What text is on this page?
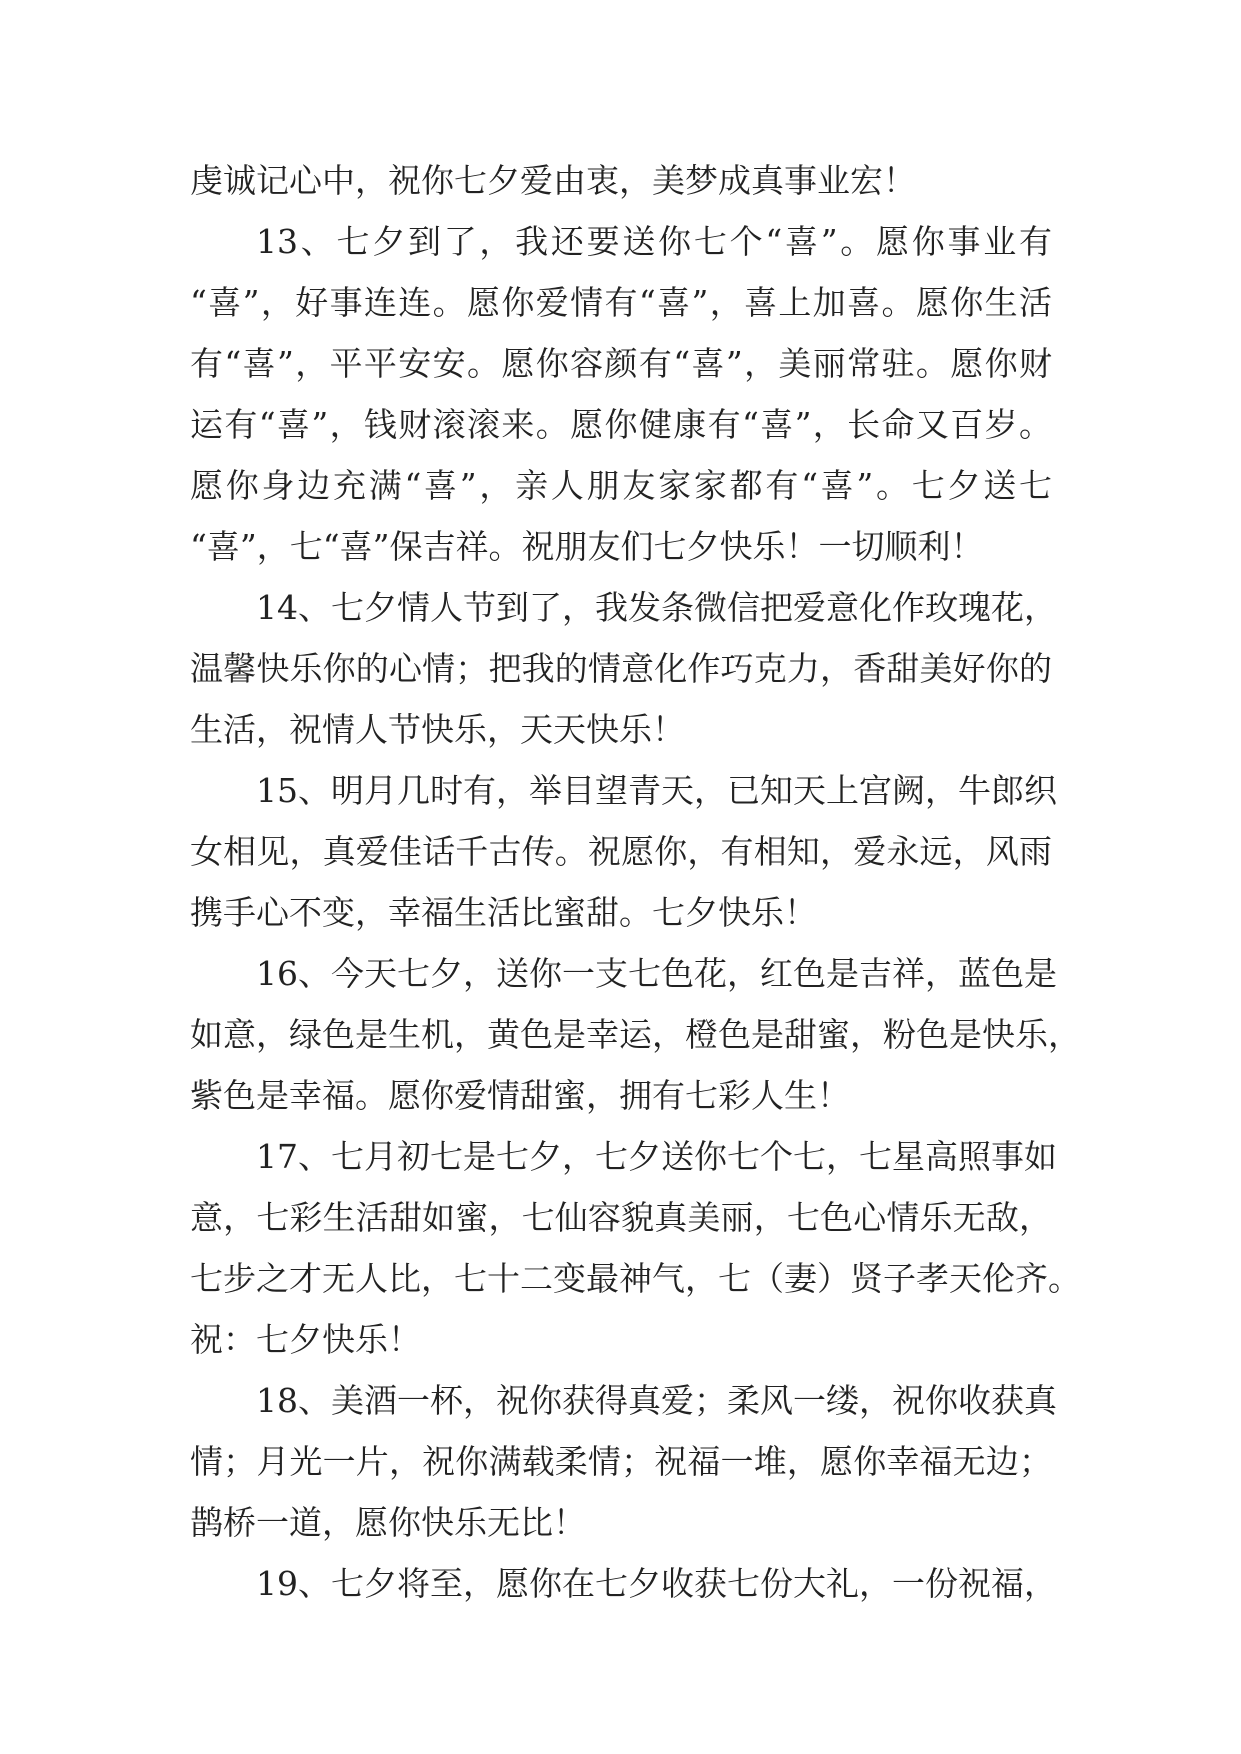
虔诚记心中，祝你七夕爱由衷，美梦成真事业宏！
13、七夕到了，我还要送你七个“喜”。愿你事业有
“喜”，好事连连。愿你爱情有“喜”，喜上加喜。愿你生活
有“喜”，平平安安。愿你容颜有“喜”，美丽常驻。愿你财
运有“喜”，钱财滚滚来。愿你健康有“喜”，长命又百岁。
愿你身边充满“喜”，亲人朋友家家都有“喜”。七夕送七
“喜”，七“喜”保吉祥。祝朋友们七夕快乐！一切顺利！
14、七夕情人节到了，我发条微信把爱意化作玫瑰花，
温馨快乐你的心情；把我的情意化作巧克力，香甜美好你的
生活，祝情人节快乐，天天快乐！
15、明月几时有，举目望青天，已知天上宫阙，牛郎织
女相见，真爱佳话千古传。祝愿你，有相知，爱永远，风雨
携手心不变，幸福生活比蜜甜。七夕快乐！
16、今天七夕，送你一支七色花，红色是吉祥，蓝色是
如意，绿色是生机，黄色是幸运，橙色是甜蜜，粉色是快乐，
紫色是幸福。愿你爱情甜蜜，拥有七彩人生！
17、七月初七是七夕，七夕送你七个七，七星高照事如
意，七彩生活甜如蜜，七仙容貌真美丽，七色心情乐无敌，
七步之才无人比，七十二变最神气，七（妻）贤子孝天伦齐。
祝：七夕快乐！
18、美酒一杯，祝你获得真爱；柔风一缕，祝你收获真
情；月光一片，祝你满载柔情；祝福一堆，愿你幸福无边；
鹊桥一道，愿你快乐无比！
19、七夕将至，愿你在七夕收获七份大礼，一份祝福，
